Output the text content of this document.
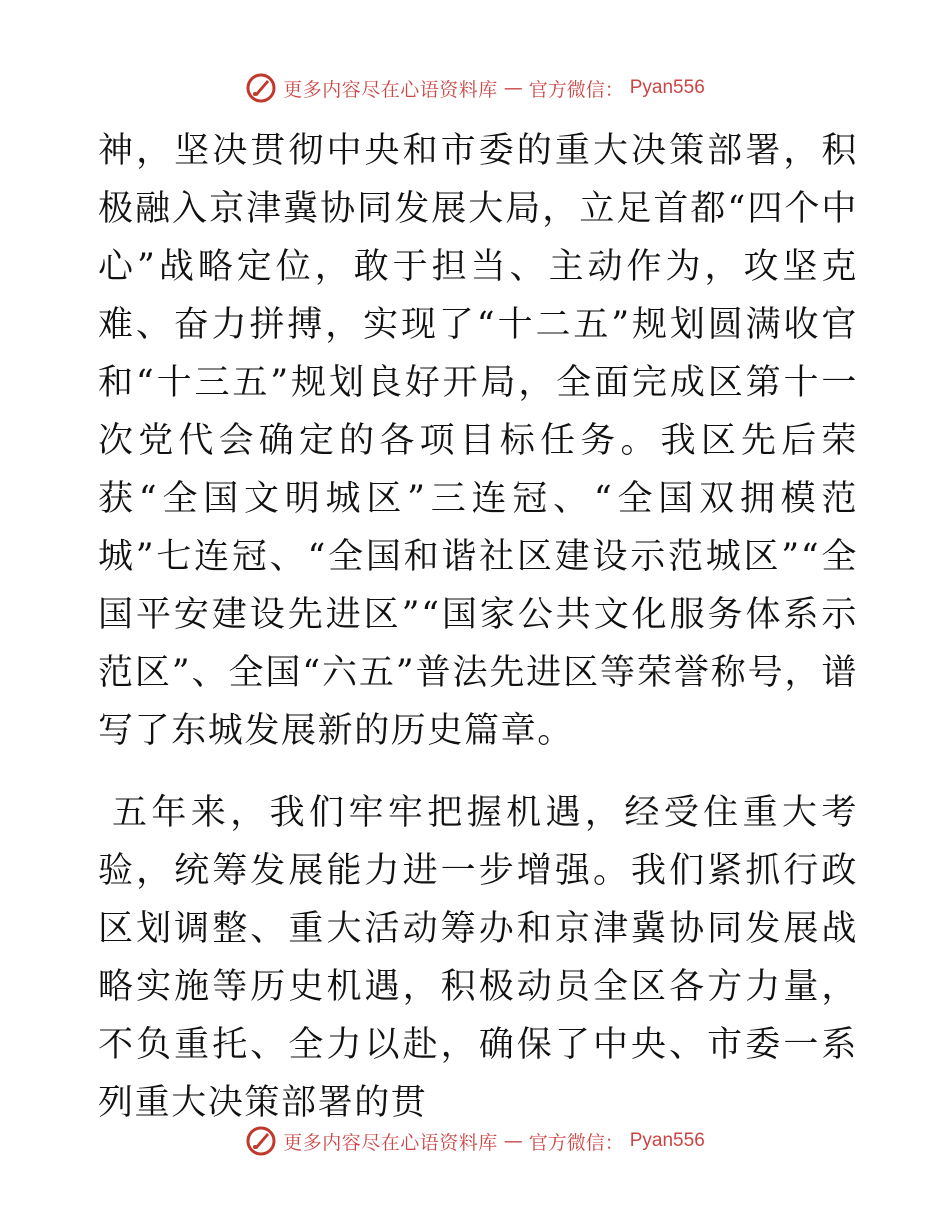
更多内容尽在心语资料库 — 官方微信： Pyan556

神，坚决贯彻中央和市委的重大决策部署，积极融入京津冀协同发展大局，立足首都“四个中心”战略定位，敢于担当、主动作为，攻坚克难、奋力拼搏，实现了“十二五”规划圆满收官和“十三五”规划良好开局，全面完成区第十一次党代会确定的各项目标任务。我区先后荣获“全国文明城区”三连冠、“全国双拥模范城”七连冠、“全国和谐社区建设示范城区”“全国平安建设先进区”“国家公共文化服务体系示范区”、全国“六五”普法先进区等荣誉称号，谱写了东城发展新的历史篇章。

五年来，我们牢牢把握机遇，经受住重大考验，统筹发展能力进一步增强。我们紧抓行政区划调整、重大活动筹办和京津冀协同发展战略实施等历史机遇，积极动员全区各方力量，不负重托、全力以赴，确保了中央、市委一系列重大决策部署的贯

更多内容尽在心语资料库 — 官方微信： Pyan556
